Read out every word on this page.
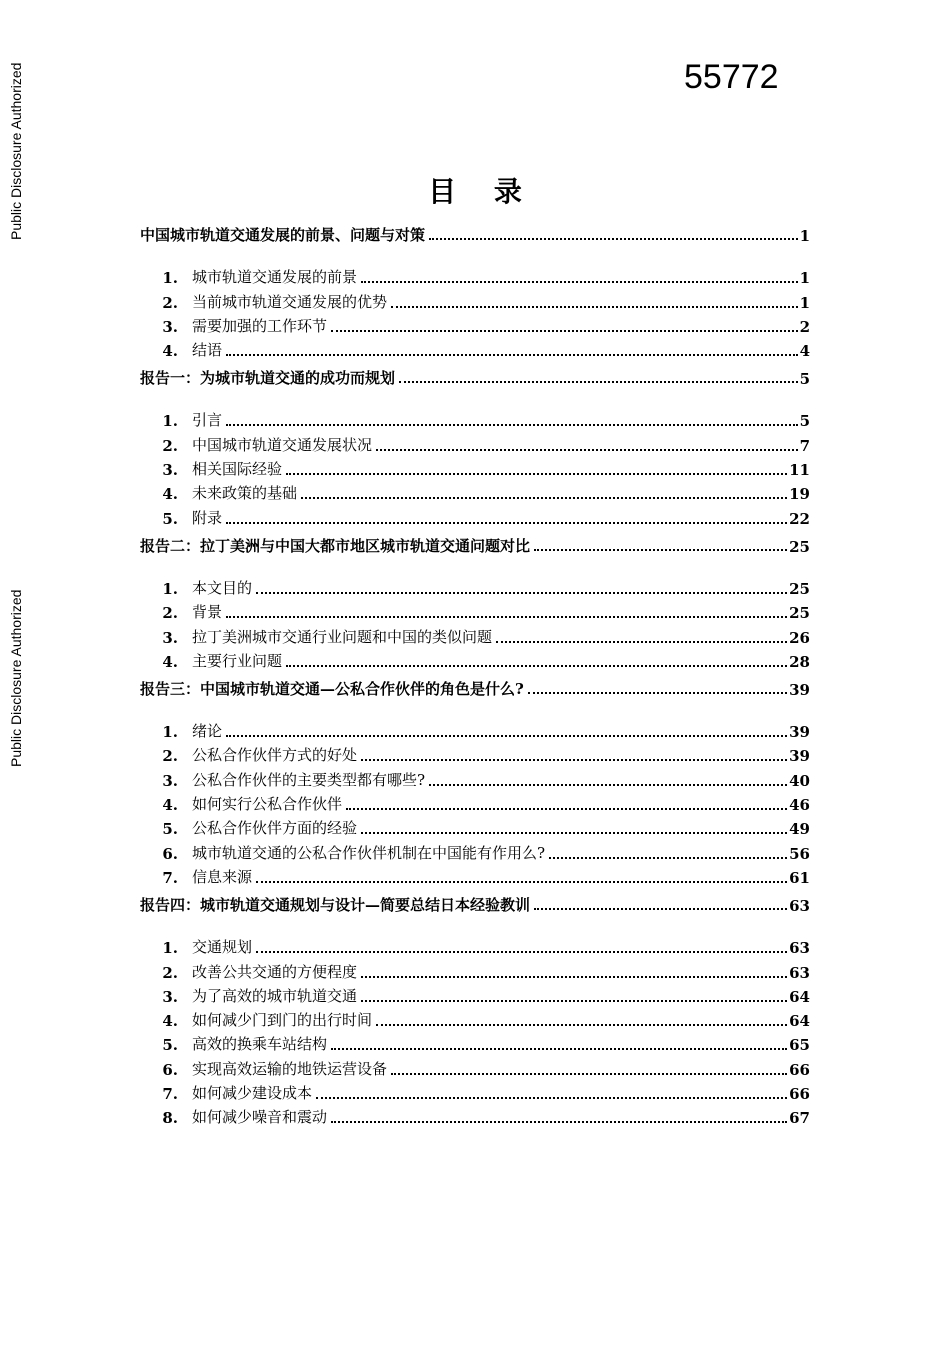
Public Disclosure Authorized
Public Disclosure Authorized
55772
目 录
中国城市轨道交通发展的前景、问题与对策	1
1. 城市轨道交通发展的前景	1
2. 当前城市轨道交通发展的优势	1
3. 需要加强的工作环节	2
4. 结语	4
报告一：为城市轨道交通的成功而规划	5
1. 引言	5
2. 中国城市轨道交通发展状况	7
3. 相关国际经验	11
4. 未来政策的基础	19
5. 附录	22
报告二：拉丁美洲与中国大都市地区城市轨道交通问题对比	25
1. 本文目的	25
2. 背景	25
3. 拉丁美洲城市交通行业问题和中国的类似问题	26
4. 主要行业问题	28
报告三：中国城市轨道交通—公私合作伙伴的角色是什么?	39
1. 绪论	39
2. 公私合作伙伴方式的好处	39
3. 公私合作伙伴的主要类型都有哪些?	40
4. 如何实行公私合作伙伴	46
5. 公私合作伙伴方面的经验	49
6. 城市轨道交通的公私合作伙伴机制在中国能有作用么?	56
7. 信息来源	61
报告四：城市轨道交通规划与设计—简要总结日本经验教训	63
1. 交通规划	63
2. 改善公共交通的方便程度	63
3. 为了高效的城市轨道交通	64
4. 如何减少门到门的出行时间	64
5. 高效的换乘车站结构	65
6. 实现高效运输的地铁运营设备	66
7. 如何减少建设成本	66
8. 如何减少噪音和震动	67
